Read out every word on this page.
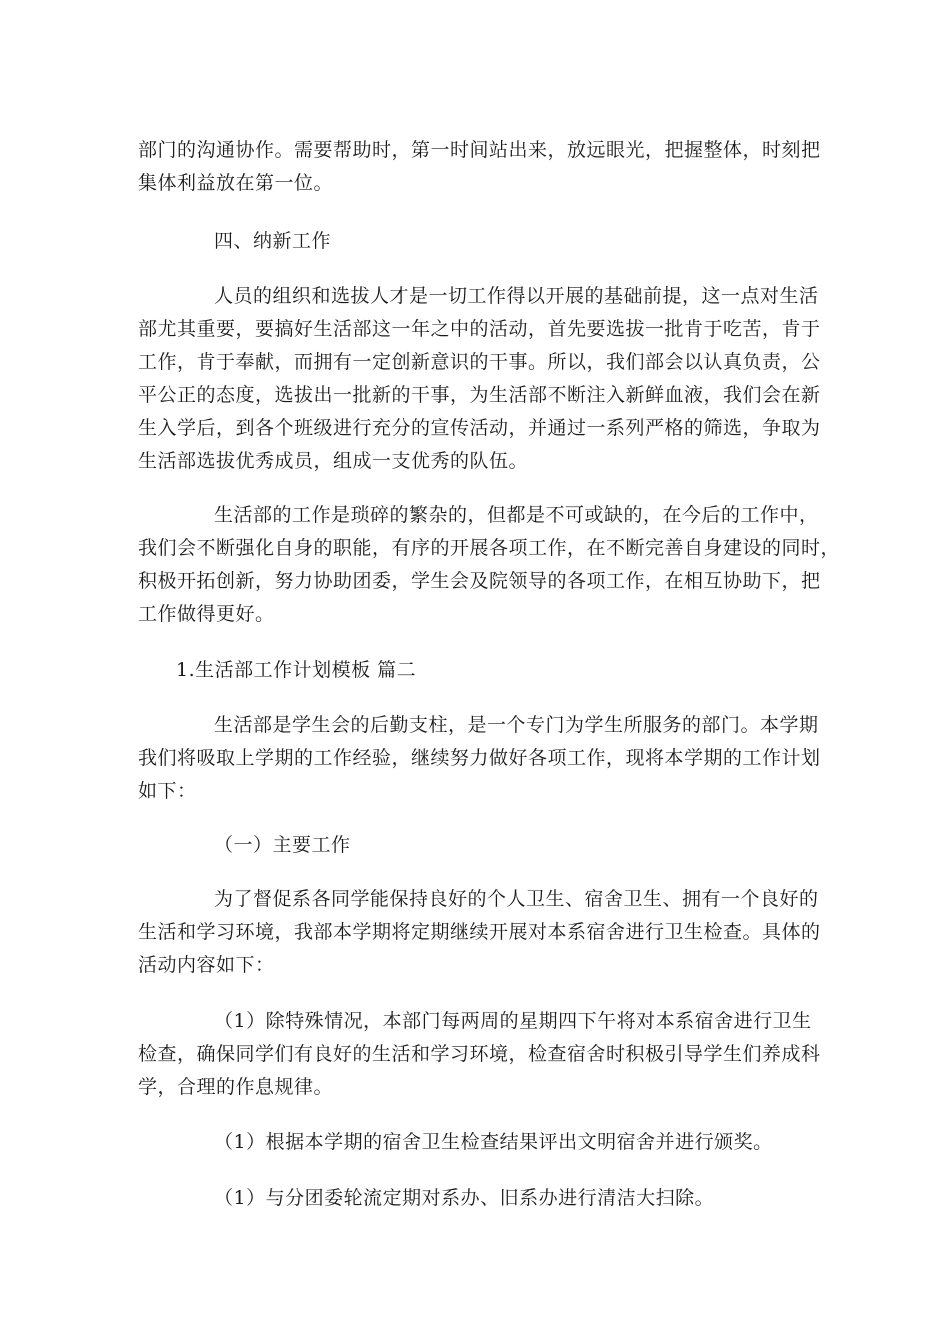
部门的沟通协作。需要帮助时，第一时间站出来，放远眼光，把握整体，时刻把
集体利益放在第一位。
四、纳新工作
人员的组织和选拔人才是一切工作得以开展的基础前提，这一点对生活
部尤其重要，要搞好生活部这一年之中的活动，首先要选拔一批肯于吃苦，肯于
工作，肯于奉献，而拥有一定创新意识的干事。所以，我们部会以认真负责，公
平公正的态度，选拔出一批新的干事，为生活部不断注入新鲜血液，我们会在新
生入学后，到各个班级进行充分的宣传活动，并通过一系列严格的筛选，争取为
生活部选拔优秀成员，组成一支优秀的队伍。
生活部的工作是琐碎的繁杂的，但都是不可或缺的，在今后的工作中，
我们会不断强化自身的职能，有序的开展各项工作，在不断完善自身建设的同时，
积极开拓创新，努力协助团委，学生会及院领导的各项工作，在相互协助下，把
工作做得更好。
1.生活部工作计划模板 篇二
生活部是学生会的后勤支柱，是一个专门为学生所服务的部门。本学期
我们将吸取上学期的工作经验，继续努力做好各项工作，现将本学期的工作计划
如下：
（一）主要工作
为了督促系各同学能保持良好的个人卫生、宿舍卫生、拥有一个良好的
生活和学习环境，我部本学期将定期继续开展对本系宿舍进行卫生检查。具体的
活动内容如下：
（1）除特殊情况，本部门每两周的星期四下午将对本系宿舍进行卫生
检查，确保同学们有良好的生活和学习环境，检查宿舍时积极引导学生们养成科
学，合理的作息规律。
（1）根据本学期的宿舍卫生检查结果评出文明宿舍并进行颁奖。
（1）与分团委轮流定期对系办、旧系办进行清洁大扫除。
